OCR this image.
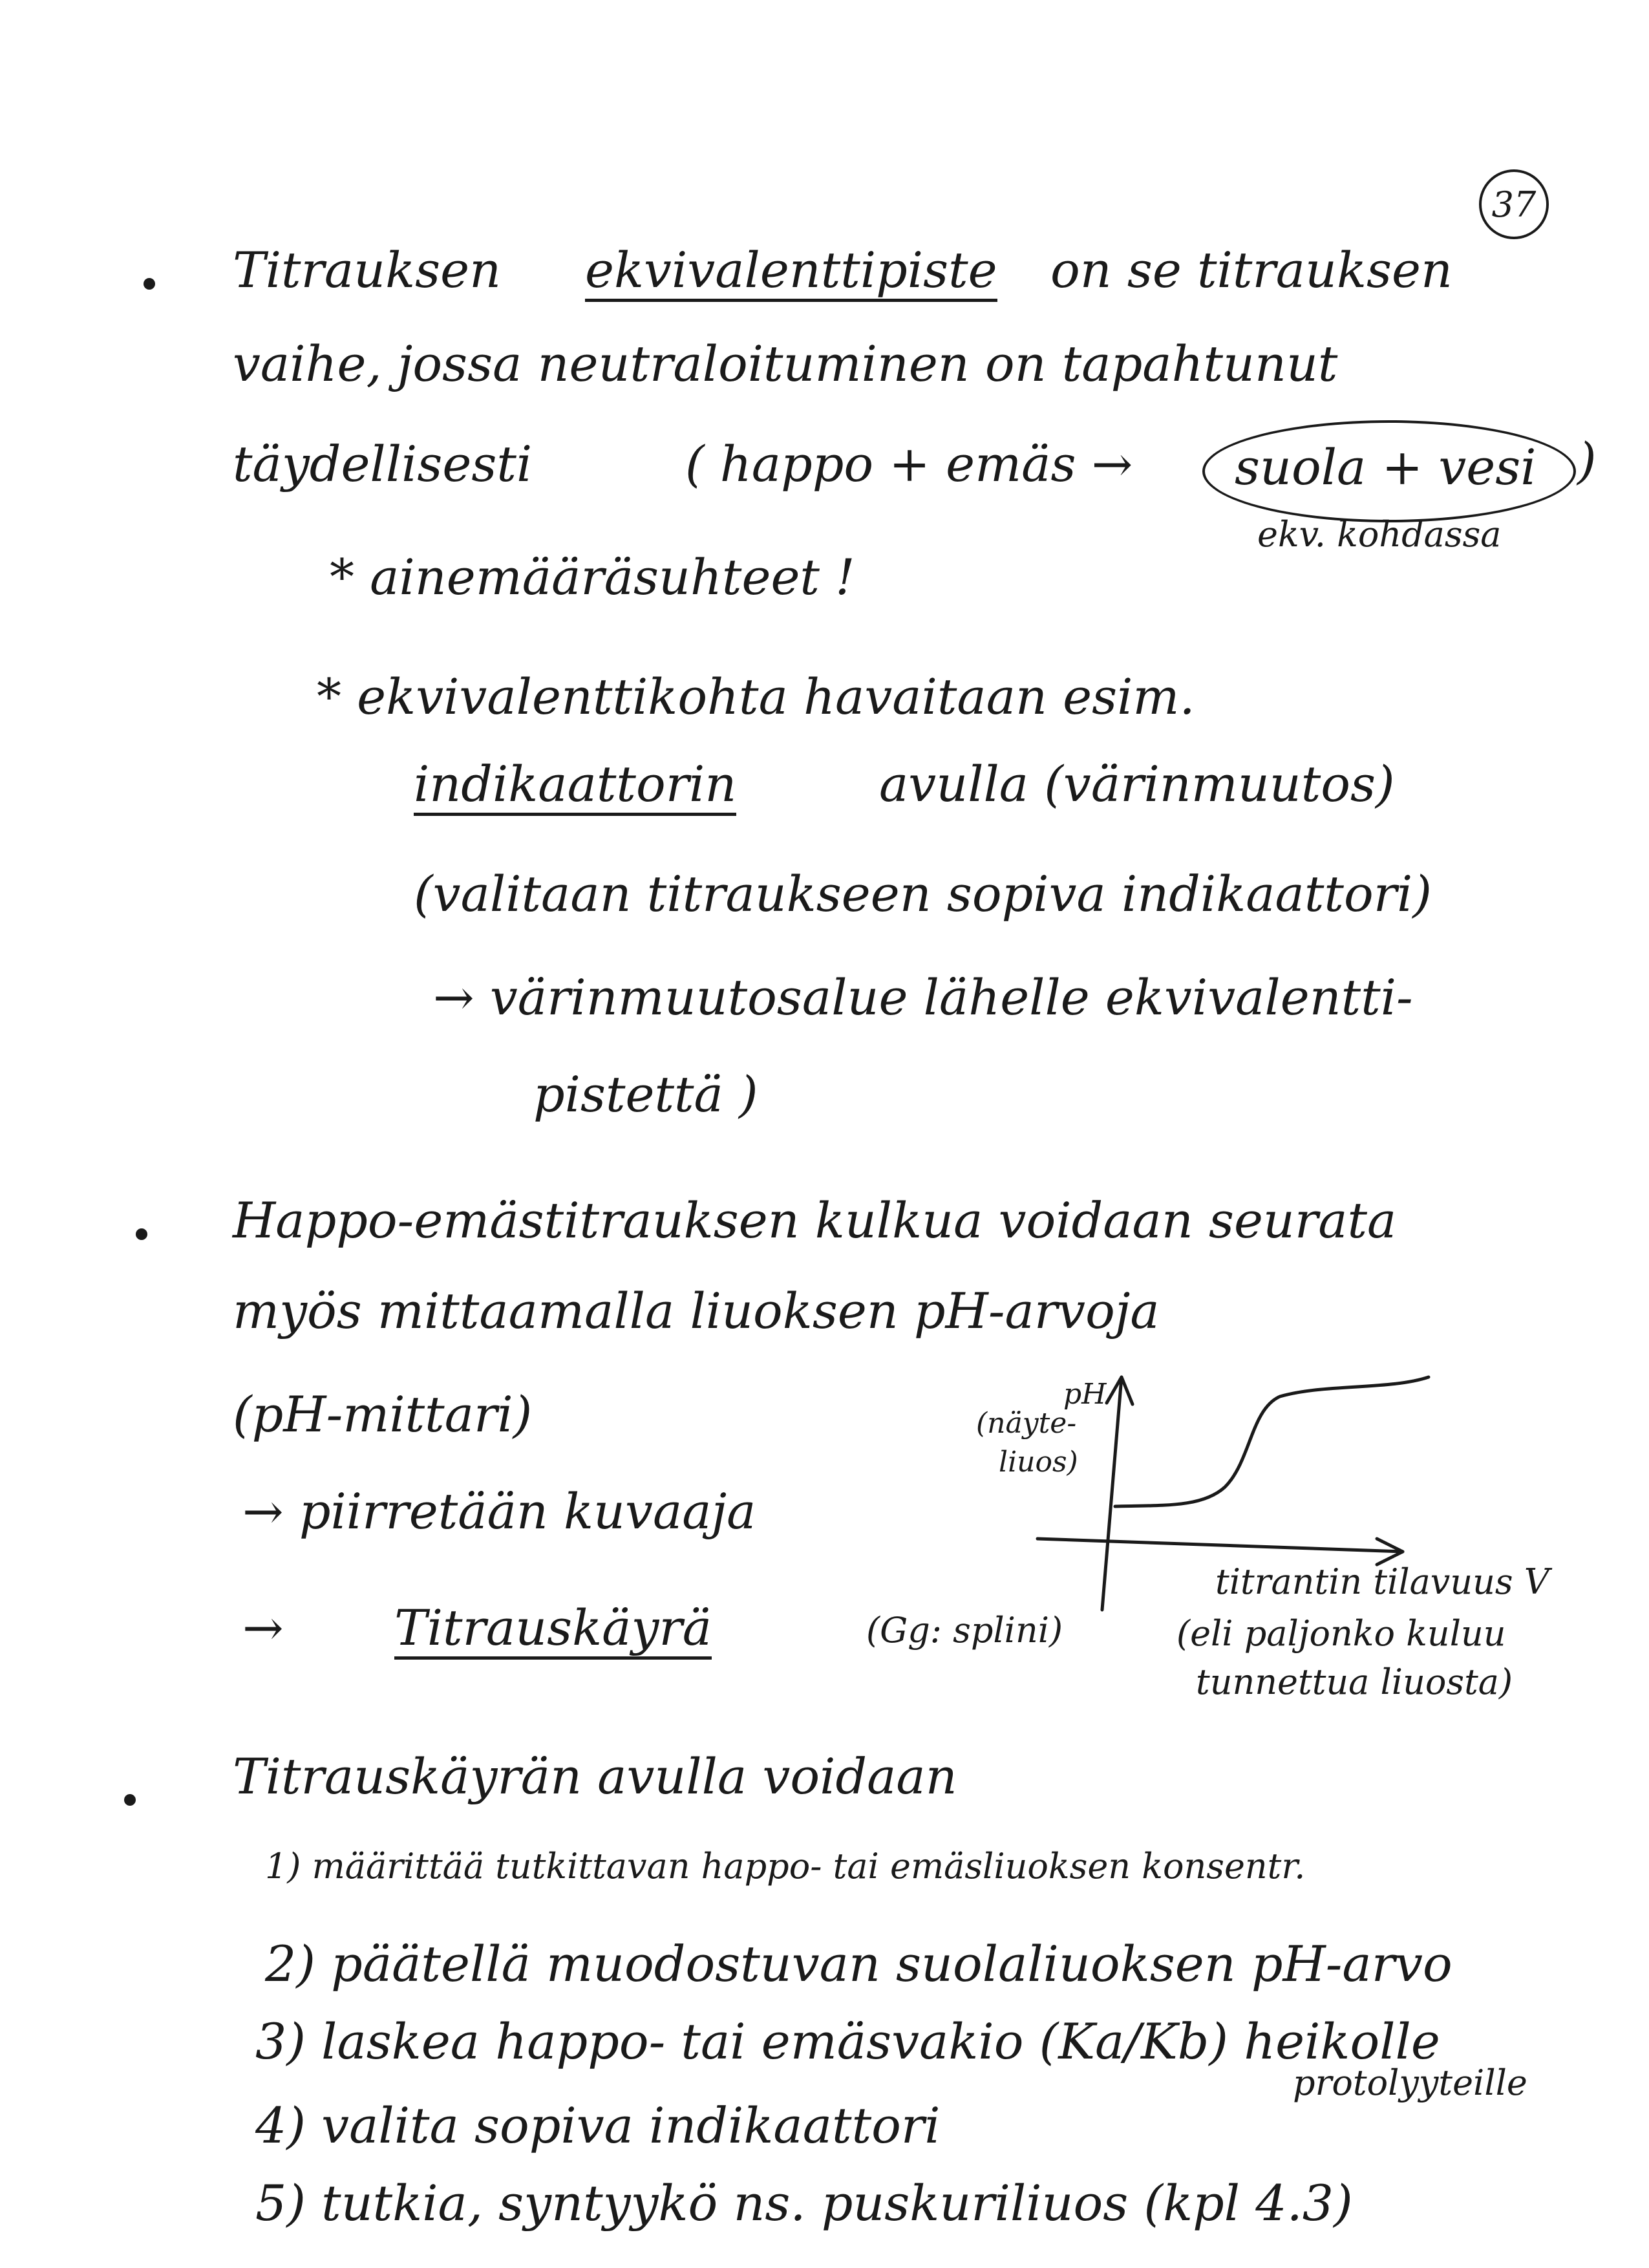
37
Titrauksen ekvivalenttipiste on se titrauksen
vaihe, jossa neutraloituminen on tapahtunut
täydellisesti	( happo + emäs → suola + vesi )
ekv. kohdassa
* ainemääräsuhteet !
* ekvivalenttikohta havaitaan esim.
indikaattorin	avulla (värinmuutos)
(valitaan titraukseen sopiva indikaattori)
→ värinmuutosalue lähelle ekvivalentti-
pistettä )
Happo-emästitrauksen kulkua voidaan seurata
myös mittaamalla liuoksen pH-arvoja
(pH-mittari)
→ piirretään kuvaaja
→ Titrauskäyrä	(Gg: splini)
pH
(näyte-
liuos)
titrantin tilavuus V
(eli paljonko kuluu
tunnettua liuosta)
Titrauskäyrän avulla voidaan
1) määrittää tutkittavan happo- tai emäsliuoksen konsentr.
2) päätellä muodostuvan suolaliuoksen pH-arvo
3) laskea happo- tai emäsvakio (Ka/Kb) heikolle
protolyyteille
4) valita sopiva indikaattori
5) tutkia, syntyykö ns. puskuriliuos (kpl 4.3)
